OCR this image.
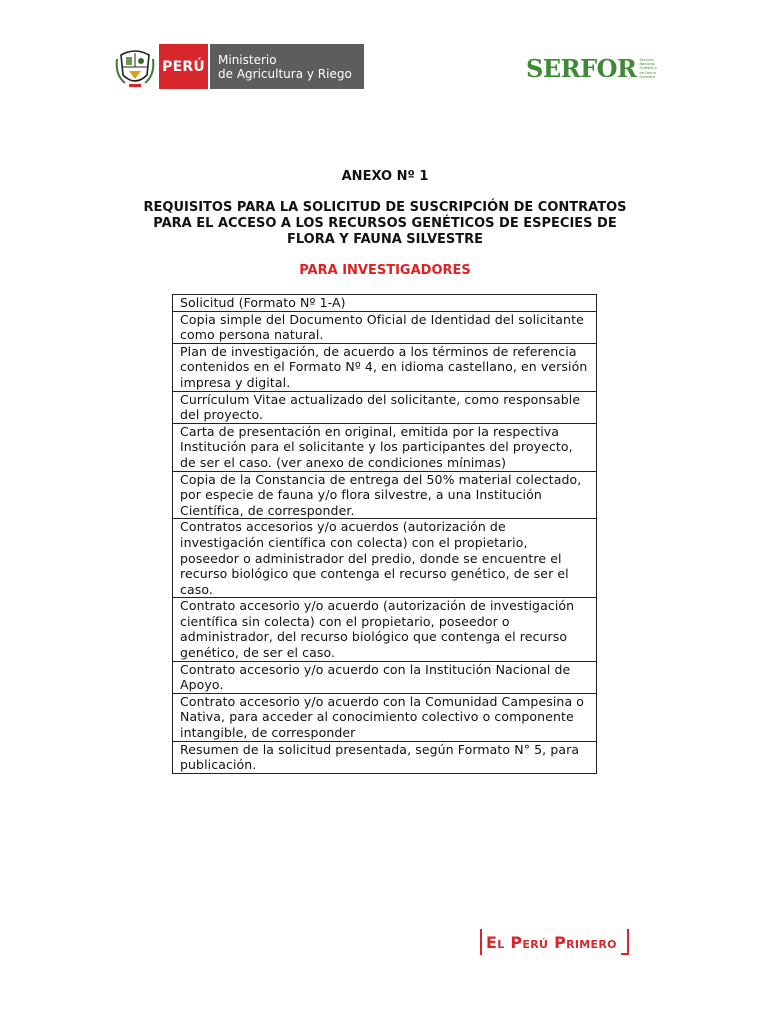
PERÚ Ministerio
de Agricultura y Riego	SERFOR Servicio
Nacional
Forestal y
de Fauna
Silvestre
ANEXO Nº 1
REQUISITOS PARA LA SOLICITUD DE SUSCRIPCIÓN DE CONTRATOS
PARA EL ACCESO A LOS RECURSOS GENÉTICOS DE ESPECIES DE
FLORA Y FAUNA SILVESTRE
PARA INVESTIGADORES
Solicitud (Formato Nº 1-A)
Copia simple del Documento Oficial de Identidad del solicitante como persona natural.
Plan de investigación, de acuerdo a los términos de referencia contenidos en el Formato Nº 4, en idioma castellano, en versión impresa y digital.
Currículum Vitae actualizado del solicitante, como responsable del proyecto.
Carta de presentación en original, emitida por la respectiva Institución para el solicitante y los participantes del proyecto, de ser el caso. (ver anexo de condiciones mínimas)
Copia de la Constancia de entrega del 50% material colectado, por especie de fauna y/o flora silvestre, a una Institución Científica, de corresponder.
Contratos accesorios y/o acuerdos (autorización de investigación científica con colecta) con el propietario, poseedor o administrador del predio, donde se encuentre el recurso biológico que contenga el recurso genético, de ser el caso.
Contrato accesorio y/o acuerdo (autorización de investigación científica sin colecta) con el propietario, poseedor o administrador, del recurso biológico que contenga el recurso genético, de ser el caso.
Contrato accesorio y/o acuerdo con la Institución Nacional de Apoyo.
Contrato accesorio y/o acuerdo con la Comunidad Campesina o Nativa, para acceder al conocimiento colectivo o componente intangible, de corresponder
Resumen de la solicitud presentada, según Formato N° 5, para publicación.
El Perú Primero
